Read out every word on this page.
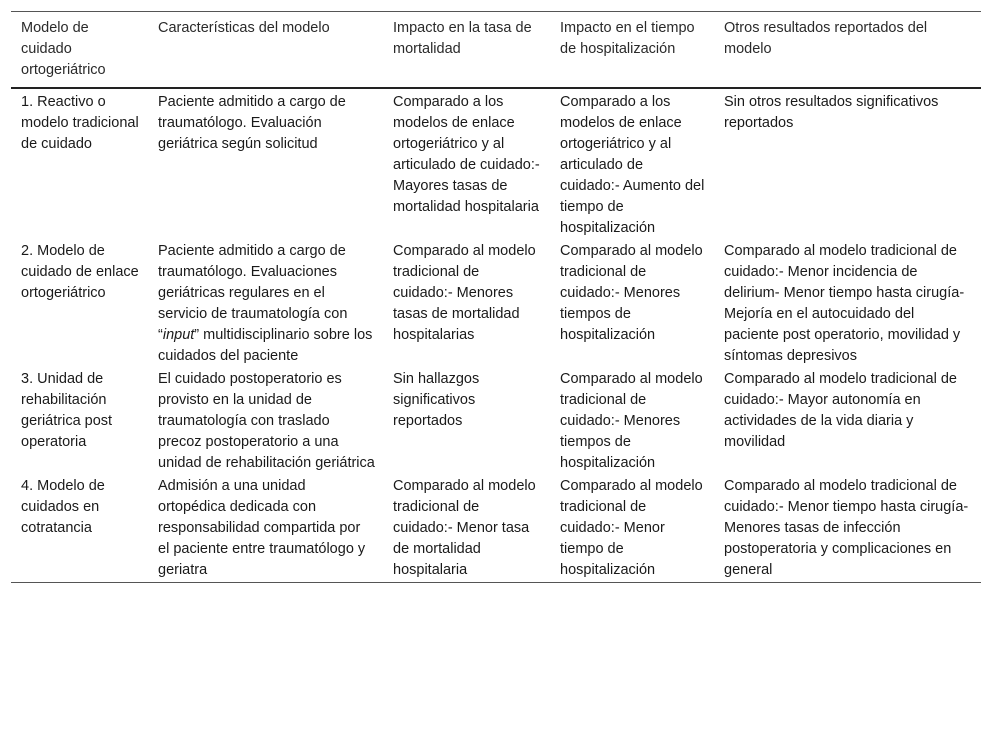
Modelo de cuidado ortogeriátrico	Características del modelo	Impacto en la tasa de mortalidad	Impacto en el tiempo de hospitalización	Otros resultados reportados del modelo
1. Reactivo o modelo tradicional de cuidado	Paciente admitido a cargo de traumatólogo. Evaluación geriátrica según solicitud	Comparado a los modelos de enlace ortogeriátrico y al articulado de cuidado:- Mayores tasas de mortalidad hospitalaria	Comparado a los modelos de enlace ortogeriátrico y al articulado de cuidado:- Aumento del tiempo de hospitalización	Sin otros resultados significativos reportados
2. Modelo de cuidado de enlace ortogeriátrico	Paciente admitido a cargo de traumatólogo. Evaluaciones geriátricas regulares en el servicio de traumatología con “input” multidisciplinario sobre los cuidados del paciente	Comparado al modelo tradicional de cuidado:- Menores tasas de mortalidad hospitalarias	Comparado al modelo tradicional de cuidado:- Menores tiempos de hospitalización	Comparado al modelo tradicional de cuidado:- Menor incidencia de delirium- Menor tiempo hasta cirugía- Mejoría en el autocuidado del paciente post operatorio, movilidad y síntomas depresivos
3. Unidad de rehabilitación geriátrica post operatoria	El cuidado postoperatorio es provisto en la unidad de traumatología con traslado precoz postoperatorio a una unidad de rehabilitación geriátrica	Sin hallazgos significativos reportados	Comparado al modelo tradicional de cuidado:- Menores tiempos de hospitalización	Comparado al modelo tradicional de cuidado:- Mayor autonomía en actividades de la vida diaria y movilidad
4. Modelo de cuidados en cotratancia	Admisión a una unidad ortopédica dedicada con responsabilidad compartida por el paciente entre traumatólogo y geriatra	Comparado al modelo tradicional de cuidado:- Menor tasa de mortalidad hospitalaria	Comparado al modelo tradicional de cuidado:- Menor tiempo de hospitalización	Comparado al modelo tradicional de cuidado:- Menor tiempo hasta cirugía- Menores tasas de infección postoperatoria y complicaciones en general
